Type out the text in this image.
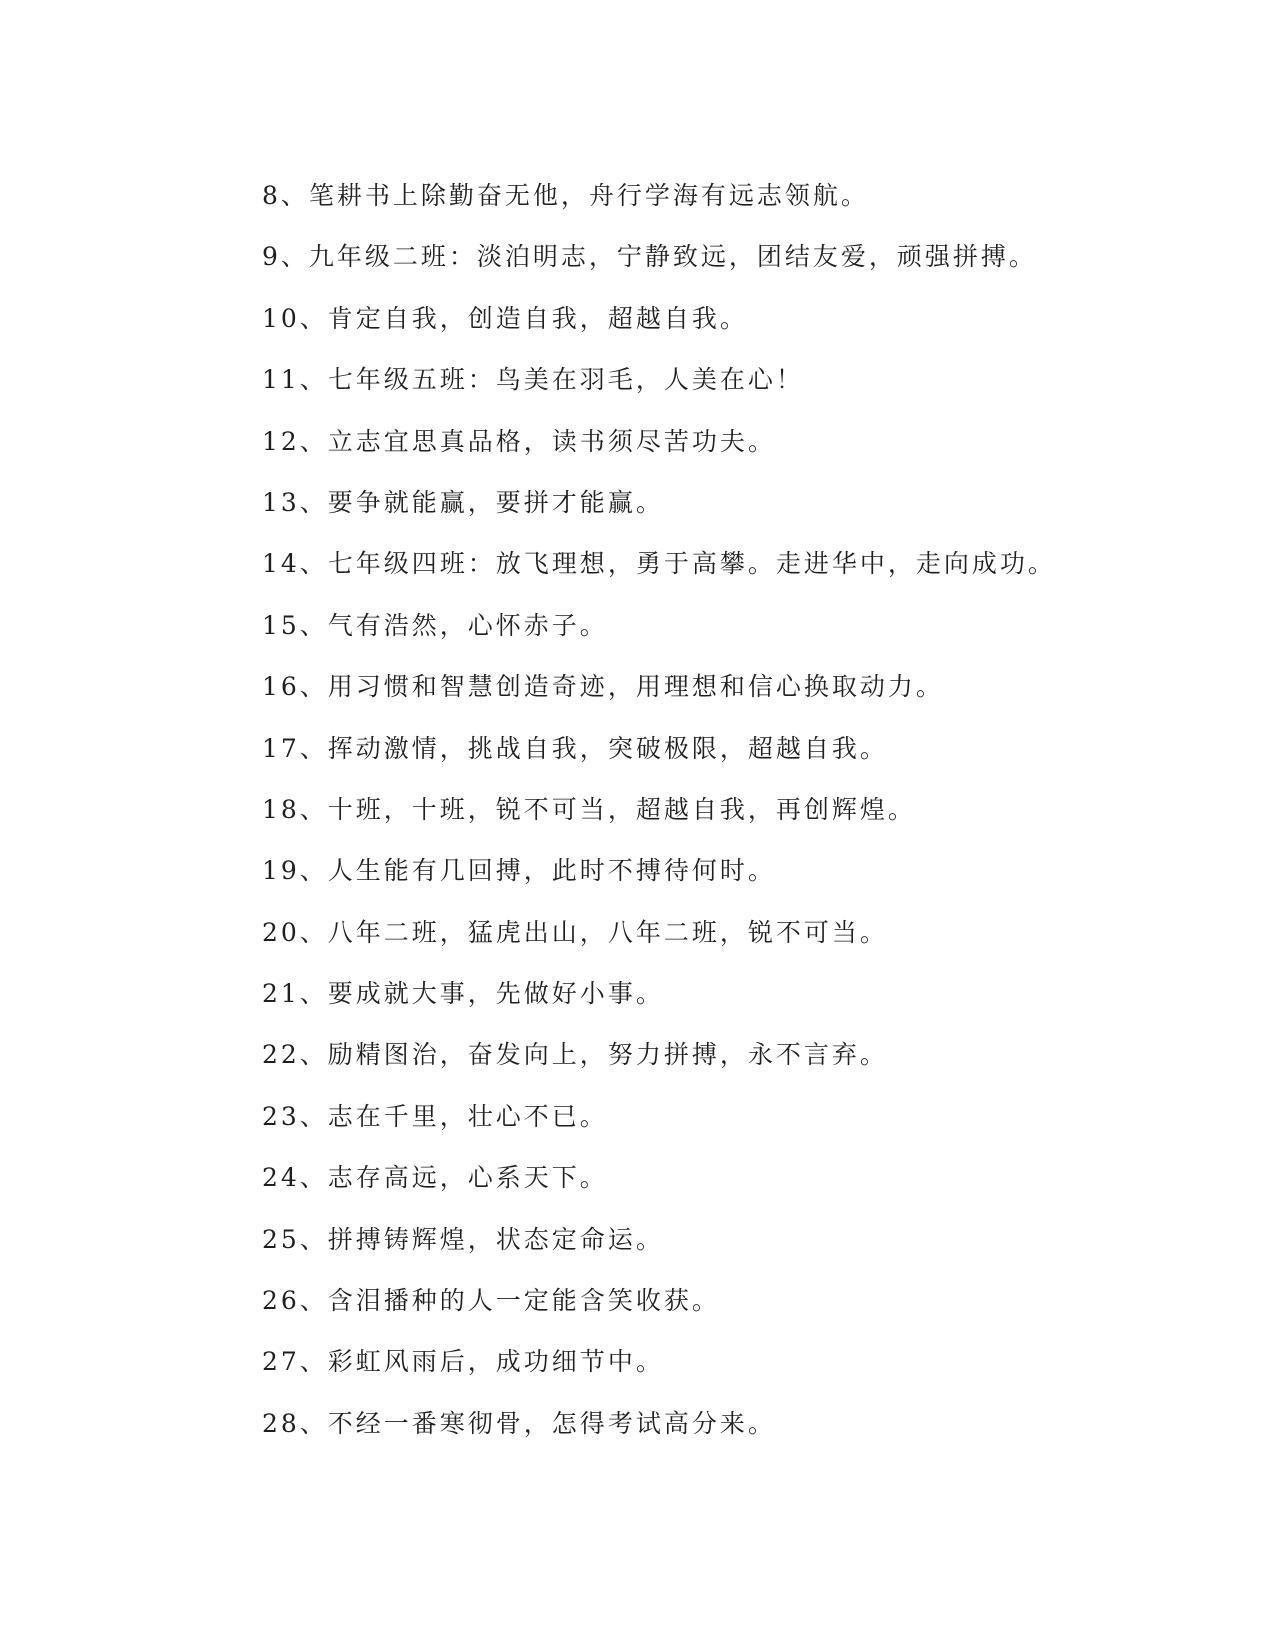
8、笔耕书上除勤奋无他，舟行学海有远志领航。
9、九年级二班：淡泊明志，宁静致远，团结友爱，顽强拼搏。
10、肯定自我，创造自我，超越自我。
11、七年级五班：鸟美在羽毛，人美在心！
12、立志宜思真品格，读书须尽苦功夫。
13、要争就能赢，要拼才能赢。
14、七年级四班：放飞理想，勇于高攀。走进华中，走向成功。
15、气有浩然，心怀赤子。
16、用习惯和智慧创造奇迹，用理想和信心换取动力。
17、挥动激情，挑战自我，突破极限，超越自我。
18、十班，十班，锐不可当，超越自我，再创辉煌。
19、人生能有几回搏，此时不搏待何时。
20、八年二班，猛虎出山，八年二班，锐不可当。
21、要成就大事，先做好小事。
22、励精图治，奋发向上，努力拼搏，永不言弃。
23、志在千里，壮心不已。
24、志存高远，心系天下。
25、拼搏铸辉煌，状态定命运。
26、含泪播种的人一定能含笑收获。
27、彩虹风雨后，成功细节中。
28、不经一番寒彻骨，怎得考试高分来。
